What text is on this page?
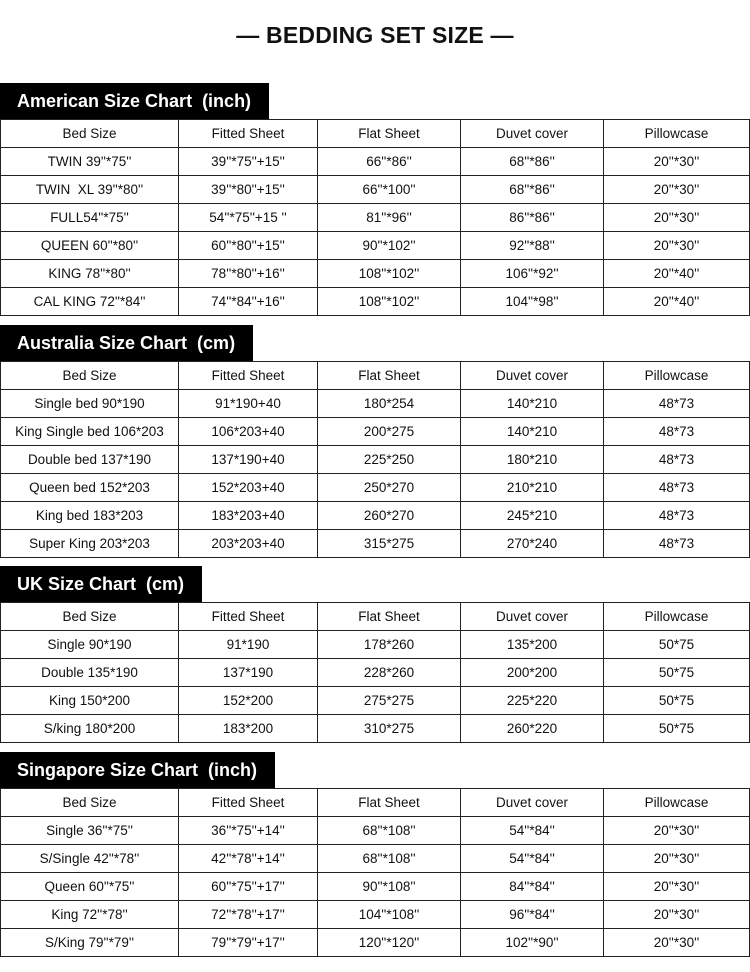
— BEDDING SET SIZE —
American Size Chart  (inch)
Bed Size	Fitted Sheet	Flat Sheet	Duvet cover	Pillowcase
TWIN 39''*75''	39''*75''+15''	66''*86''	68''*86''	20''*30''
TWIN  XL 39''*80''	39''*80''+15''	66''*100''	68''*86''	20''*30''
FULL54''*75''	54''*75''+15 ''	81''*96''	86''*86''	20''*30''
QUEEN 60''*80''	60''*80''+15''	90''*102''	92''*88''	20''*30''
KING 78''*80''	78''*80''+16''	108''*102''	106''*92''	20''*40''
CAL KING 72''*84''	74''*84''+16''	108''*102''	104''*98''	20''*40''
Australia Size Chart  (cm)
Bed Size	Fitted Sheet	Flat Sheet	Duvet cover	Pillowcase
Single bed 90*190	91*190+40	180*254	140*210	48*73
King Single bed 106*203	106*203+40	200*275	140*210	48*73
Double bed 137*190	137*190+40	225*250	180*210	48*73
Queen bed 152*203	152*203+40	250*270	210*210	48*73
King bed 183*203	183*203+40	260*270	245*210	48*73
Super King 203*203	203*203+40	315*275	270*240	48*73
UK Size Chart  (cm)
Bed Size	Fitted Sheet	Flat Sheet	Duvet cover	Pillowcase
Single 90*190	91*190	178*260	135*200	50*75
Double 135*190	137*190	228*260	200*200	50*75
King 150*200	152*200	275*275	225*220	50*75
S/king 180*200	183*200	310*275	260*220	50*75
Singapore Size Chart  (inch)
Bed Size	Fitted Sheet	Flat Sheet	Duvet cover	Pillowcase
Single 36''*75''	36''*75''+14''	68''*108''	54''*84''	20''*30''
S/Single 42''*78''	42''*78''+14''	68''*108''	54''*84''	20''*30''
Queen 60''*75''	60''*75''+17''	90''*108''	84''*84''	20''*30''
King 72''*78''	72''*78''+17''	104''*108''	96''*84''	20''*30''
S/King 79''*79''	79''*79''+17''	120''*120''	102''*90''	20''*30''
